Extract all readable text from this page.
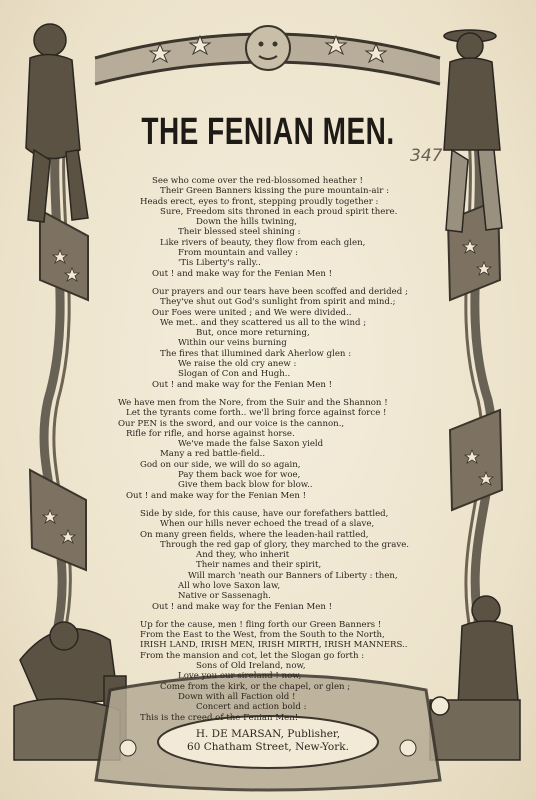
THE FENIAN MEN.
347
See who come over the red-blossomed heather !
Their Green Banners kissing the pure mountain-air :
Heads erect, eyes to front, stepping proudly together :
Sure, Freedom sits throned in each proud spirit there.
Down the hills twining,
Their blessed steel shining :
Like rivers of beauty, they flow from each glen,
From mountain and valley :
'Tis Liberty's rally..
Out ! and make way for the Fenian Men !
Our prayers and our tears have been scoffed and derided ;
They've shut out God's sunlight from spirit and mind.;
Our Foes were united ; and We were divided..
We met.. and they scattered us all to the wind ;
But, once more returning,
Within our veins burning
The fires that illumined dark Aherlow glen :
We raise the old cry anew :
Slogan of Con and Hugh..
Out ! and make way for the Fenian Men !
We have men from the Nore, from the Suir and the Shannon !
Let the tyrants come forth.. we'll bring force against force !
Our PEN is the sword, and our voice is the cannon.,
Rifle for rifle, and horse against horse.
We've made the false Saxon yield
Many a red battle-field..
God on our side, we will do so again,
Pay them back woe for woe,
Give them back blow for blow..
Out ! and make way for the Fenian Men !
Side by side, for this cause, have our forefathers battled,
When our hills never echoed the tread of a slave,
On many green fields, where the leaden-hail rattled,
Through the red gap of glory, they marched to the grave.
And they, who inherit
Their names and their spirit,
Will march 'neath our Banners of Liberty : then,
All who love Saxon law,
Native or Sassenagh.
Out ! and make way for the Fenian Men !
Up for the cause, men ! fling forth our Green Banners !
From the East to the West, from the South to the North,
IRISH LAND, IRISH MEN, IRISH MIRTH, IRISH MANNERS..
From the mansion and cot, let the Slogan go forth :
Sons of Old Ireland, now,
Love you our sireland ! now,
Come from the kirk, or the chapel, or glen ;
Down with all Faction old !
Concert and action bold :
This is the creed of the Fenian Men!
H. DE MARSAN, Publisher,
60 Chatham Street, New-York.
